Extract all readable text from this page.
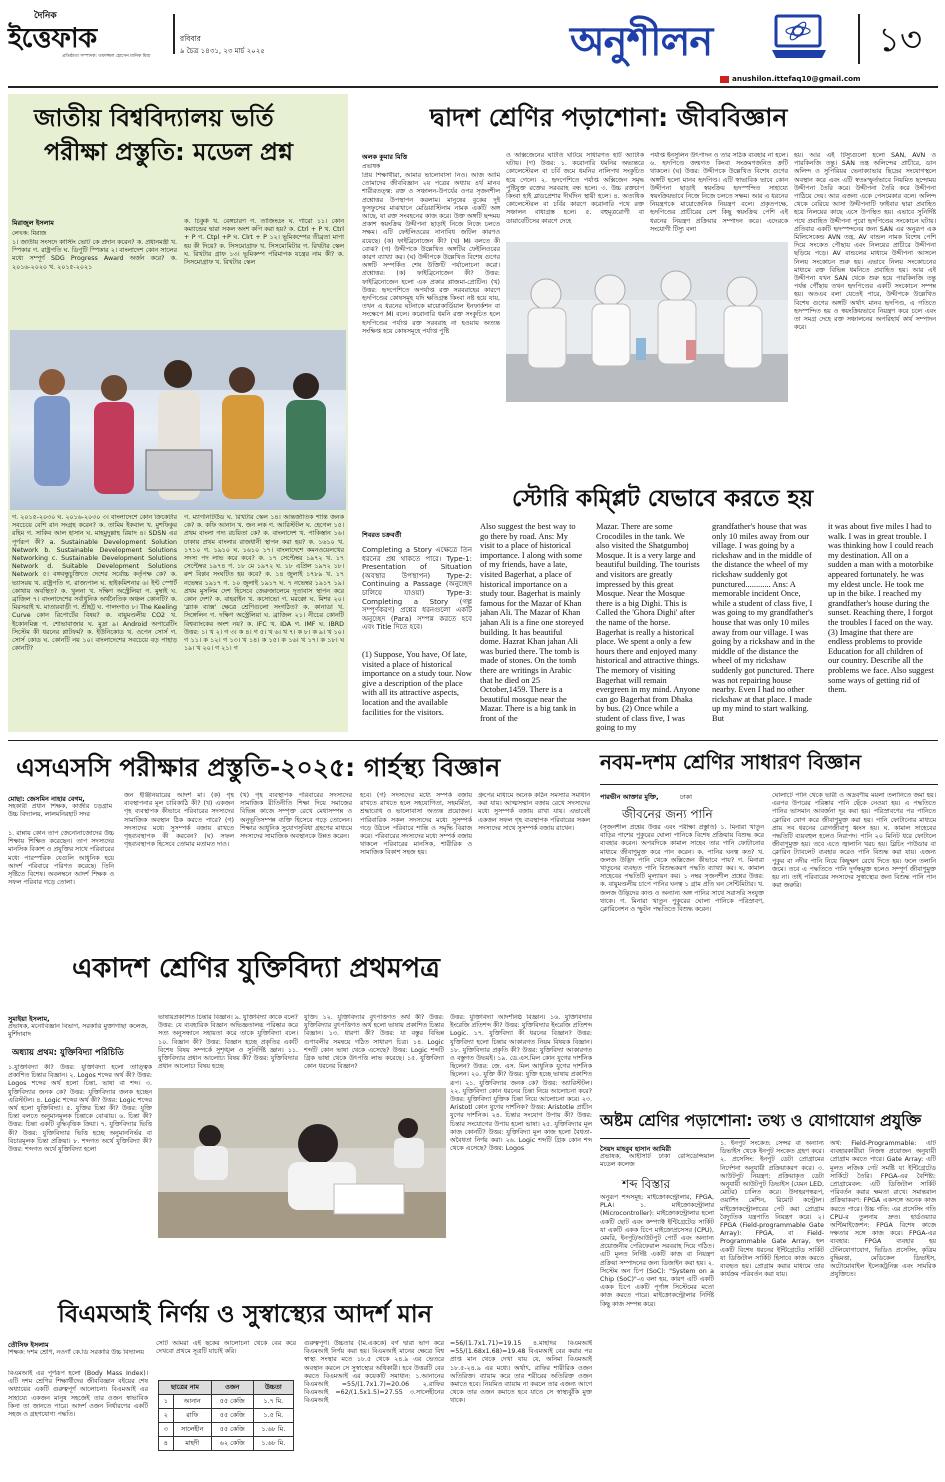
দৈনিক
ইত্তেফাক
প্রতিষ্ঠাতা সম্পাদক: তফাজ্জল হোসেন মানিক মিয়া
রবিবার
৯ চৈত্র ১৪৩১, ২৩ মার্চ ২০২৫	অনুশীলন	১৩
anushilon.ittefaq10@gmail.com
জাতীয় বিশ্ববিদ্যালয় ভর্তি
পরীক্ষা প্রস্তুতি: মডেল প্রশ্ন
মিরাজুল ইসলাম
লেখক: মিরাজ
১। জাতীয় সংসদে কাস্টিং ভোট কে প্রদান করেন? ক. প্রধানমন্ত্রী খ. স্পিকার গ. রাষ্ট্রপতি ঘ. ডিপুটি স্পিকার ২। বাংলাদেশ কোন সালের মধ্যে সম্পূর্ণ SDG Progress Award অর্জন করে? ক. ২০১৬-২০২০ খ. ২০১৫-২০২১
ক. চিকুর্ক খ. বেঙ্গচারণ গ. তাজিংডং ঘ. গারো ১১। কোন কম্যান্ডের দ্বারা সকল অংশ কপি করা হয়? ক. Ctrl + P খ. Ctrl + P গ. Ctpl +P ঘ. Clrt + P ১২। ভূমিকম্পের তীব্রতা মাপা হয় কী দিয়ে? ক. সিসমোগ্রাফ খ. সিসমোমিটার গ. রিখটার স্কেল ঘ. রিখটার গ্রাফ ১৩। ভূমিকম্প পরিমাপক যন্ত্রের নাম কী? ক. সিসমোগ্রাফ খ. রিখটার স্কেল
গ. ২০১৫-২০৩০ ঘ. ২০১৬-২০৩০ ৩। বাংলাদেশে কোন ক্রিকেটার সবচেয়ে বেশি রান সংগ্রহ করেন? ক. তামিম ইকবাল খ. মুশফিকুর রহিম গ. সাকিব আল হাসান ঘ. মাহমুদুল্লাহ রিয়াদ ৪। SDSN এর পূর্ণরূপ কী? a. Sustainable Development Solution Network b. Sustainable Development Solutions Networking c. Sustainable Development Solutions Network d. Suitable Development Solutions Network ৫। বঙ্গবন্ধুচুক্তিতে দেশের সর্বোচ্চ কর্তৃপক্ষ কে? ক. ভ্যাসরয় খ. রাষ্ট্রপতি গ. রাজ্যপাল ঘ. হাইকমিশনার ৬। ইন্ট স্পোর্ট কোথায় অবস্থিত? ক. খুলনা খ. দক্ষিণ অস্ট্রেলিয়া গ. মুম্বাই ঘ. ব্রাজিল ৭। বাংলাদেশের সর্বাধুনিক অর্থনৈতিক অঞ্চল কোনটি? ক. মিরসরাই খ. মাতারবাড়ী গ. শ্রীহট্ট ঘ. পালংগাও ৮। The Keeling Curve কোন রিপোর্টের বিষয়? ক. বায়ুমণ্ডলীয় CO2 খ. ইকোনমিক্স গ. শোভাবাজার ঘ. মুদ্রা ৯। Android অপারেটিং সিস্টেম কী ধরনের প্লাটফর্ম? ক. ইউনিকোড খ. ওপেন সোর্স গ. সোর্স কোড ঘ. কোনটি নয় ১০। বাংলাদেশের সবচেয়ে বড় পাহাড় কোনটি?
গ. ম্যাগনিটিউড ঘ. রিখটার স্কেল ১৪। আন্তর্জাতিক শান্তি জনক কে? ক. কফি আনান খ. জন লক গ. আরিস্টটল ঘ. হেগেল ১৫। প্রথম বাংলা গদ্য রচয়িতা কে? ক. বাংলাদেশ খ. পাকিস্তান ১৬। ঢাকায় প্রথম বাংলার রাজধানী স্থাপন করা হয়? ক. ১৬১০ খ. ১৭১০ গ. ১৯১০ ঘ. ১৬১০ ১৭। বাংলাদেশে কমনওয়েলথের সদস্য পদ লাভ করে কবে? ক. ১৭ সেপ্টেম্বর ১৯৭২ খ. ১৭ সেপ্টেম্বর ১৯৭৪ গ. ১৮ মে ১৯৭২ ঘ. ১৮ এপ্রিল ১৯৭২ ১৮। রুশ বিপ্লব সংঘটিত হয় কবে? ক. ১৪ জুলাই ১৭৮৯ খ. ১৭ নভেম্বর ১৯১৭ গ. ১০ জুলাই ১৯১৭ ঘ. ৭ নভেম্বর ১৯১৭ ১৯। প্রথম মুসলিম দেশ হিসেবে জেরুজালেমে দূতাবাস স্থাপন করে কোন দেশ? ক. বাহরাইন খ. কসোভো গ. মরক্কো ঘ. মিশর ২০। 'ব্ল্যাক ব্যাক্স' ক্ষেত্রে শ্রেণিগুলো সংগঠিত? ক. কানাডা খ. সিঙ্গেলিন গ. দক্ষিণ অস্ট্রেলিয়া ঘ. ব্রাজিল ২১। নীচের কোনটি বিশ্বব্যাংকের অংশ নয়? ক. IFC খ. IDA গ. IMF ঘ. IBRD উত্তর: ১। খ ২। গ ৩। ক ৪। গ ৫। খ ৬। খ ৭। ক ৮। ক ৯। খ ১০। গ ১১। ক ১২। গ ১৩। খ ১৪। ক ১৫। ক ১৬। খ ১৭। ক ১৮। ঘ ১৯। খ ২০। গ ২১। গ
দ্বাদশ শ্রেণির পড়াশোনা: জীববিজ্ঞান
অলক কুমার মিত্তি
প্রভাষক
প্রিয় শিক্ষার্থীরা, আমার ভালোবাসা নিও। আজ আমি তোমাদের জীববিজ্ঞান ২য় পত্রের অধ্যায় ৪র্থ মানব শারীরতত্ত্ব: রক্ত ও সঞ্চালন-উপর্যের ওপর সৃজনশীল প্রশ্নোত্তর উপস্থাপন করলাম। মানুষের বুকের দুই ফুসফুসের মাঝখানে মেডিয়াস্টিনাম নামক একটি অঙ্গ আছে, যা রক্ত সংবহনের কাজ করে। উক্ত অঙ্গটি ছন্দময় প্রকাশ স্বয়ংক্রিয় উদ্দীপনা ছাড়াই নিজে নিজে চলতে সক্ষম। এটি ফেইলিওরের নানাবিধ জটিল কারণও রয়েছে। (ক) ফাইব্রিনোজেন কী? (খ) MI বলতে কী বোঝ? (গ) উদ্দীপকে উল্লেখিত অঙ্গটির ফেইলিওরের কারণ ব্যাখ্যা কর। (ঘ) উদ্দীপকে উল্লেখিত বিশেষ গুণের অঙ্গটি সম্পর্কিত শেষ উক্তিটি পর্যালোচনা করো। প্রশ্নোত্তর: (ক) ফাইব্রিনোজেন কী? উত্তর: ফাইব্রিনোজেন হলো এক প্রকার প্লাজমা-প্রোটিন। (খ) উত্তর: হৃদপেশিতে অপর্যাপ্ত রক্ত সরবরাহের কারণে হৃদপিণ্ডের কোষসমূহ যদি ক্ষতিগ্রস্ত কিংবা নষ্ট হয়ে যায়, তখন এ ধরনের ঘটনাকে মায়োকার্ডিয়াল ইনফার্কশন বা সংক্ষেপে MI বলে। করোনারি ধমনি রক্ত সংকুচিত হলে হৃদপিণ্ডের পর্যাপ্ত রক্ত সরবরাহ না হওয়ায় অত্যন্ত সংক্ষিপ্ত হয়ে কোষসমূহে পর্যাপ্ত পুষ্টি
ও অক্সিজেনের ঘাটতি ঘটিয়ে সাধারণত হার্ট অ্যাটাক ঘটায়। (গ) উত্তর: ১. করোনারি ধমনির অভ্যন্তরে কোলেস্টেরল বা চর্বি জমে ধমনির নালিপথ সংকুচিত হয়ে গেলে। ২. হৃদপেশিতে পর্যাপ্ত অক্সিজেন সমৃদ্ধ পুষ্টিযুক্ত রক্তের সরবরাহ বন্ধ হলে। ৩. উচ্চ রক্তচাপ কিংবা হাই ব্লাডপ্রেশার দীর্ঘদিন স্থায়ী হলে। ৪. অত্যধিক কোলেস্টেরল বা চর্বির কারণে করোনারি পথে রক্ত সঞ্চালন বাধাগ্রস্ত হলে। ৫. বহুমূত্ররোগী বা ডায়াবেটিসের কারণে দেহে
পর্যাপ্ত ইনসুলিন উৎপাদন ও তার সঠিক ব্যবহার না হলে। ৬. হৃদপিণ্ডে জন্মগত কিংবা সংক্রমণজনিত ক্রটি থাকলে। (ঘ) উত্তর: উদ্দীপকে উল্লেখিত বিশেষ গুণের অঙ্গটি হলো মানব হৃদপিণ্ড। এটি স্বাভাবিক ভাবে কোন উদ্দীপনা ছাড়াই স্বয়ংক্রিয় হৃদস্পন্দিত সাহায্যে স্বয়ংক্রিয়ভাবে নিজে নিজে চলতে সক্ষম। আর এ ধরনের নিয়ন্ত্রণকে মায়োজেনিক নিয়ন্ত্রণ বলে। প্রকৃতপক্ষে, হৃদপিণ্ডের প্রাচীরের বেশ কিছু স্বয়ংক্রিয় পেশি এই ধরনের নিয়ন্ত্রণ প্রক্রিয়ার সম্পাদন করে। এদেরকে সংযোগী টিস্যু বলা
হয়। আর এই টিস্যুগুলো হলো SAN, AVN ও পারকিনজি তন্তু। SAN তন্ত্র অলিন্দের প্রাচীরে, ডান অলিন্দ ও সুপিরিয়র ভেনাক্যাভার ছিদ্রের সংযোগস্থলে অবস্থান করে এবং এটি স্বতঃস্ফূর্তভাবে নিয়মিত ছন্দোময় উদ্দীপনা তৈরি করে। উদ্দীপনা তৈরি করে উদ্দীপনা পাঠিয়ে দেয়। আর এজন্য একে পেসমেকার বলে। অলিন্দ থেকে বেরিয়ে আসা উদ্দীপনাটি ফাইবার দ্বারা প্রবাহিত হয়ে নিলয়ের কাছে এসে উপস্থিত হয়। এভাবে সুনির্দিষ্ট পথে প্রবাহিত উদ্দীপনা পুরো হৃদপিণ্ডের সংকোচন ঘটায়। প্রতিবার একটি হৃদস্পন্দনের জন্য SAN এর অনুরূপ এক মিলিসেকেন্ড AVN তন্ত্র, AV বান্ডল নামক বিশেষ পেশি দিয়ে সংকেত পৌছায় এবং নিলয়ের প্রাচীরে উদ্দীপনা ছড়িয়ে পড়ে। AV বান্ডলের মাধ্যমে উদ্দীপনা আসলে নিলয় সংকোচন শুরু হয়। এভাবে নিলয় সংকোচনের মাধ্যমে রক্ত বিভিন্ন ধমনিতে প্রবাহিত হয়। আর এই উদ্দীপনা যখন SAN থেকে শুরু হয়ে পারকিনজি তন্তু পর্যন্ত পৌঁছায় তখন হৃদপিণ্ডের একটি সংকোচন সম্পন্ন হয়। অতএব বলা যেতেই পারে, উদ্দীপকে উল্লেখিত বিশেষ গুণের অঙ্গটি অর্থাৎ মানব হৃদপিণ্ড, এ গতিতে হৃদস্পন্দিত হয় ও স্বয়ংক্রিয়ভাবে নিয়ন্ত্রণ করে চলে এবং তা সমগ্র দেহে রক্ত সঞ্চালনের অপরিহার্য কার্য সম্পাদন করে।
স্টোরি কম্প্লিট যেভাবে করতে হয়
শিবরত চক্রবর্তী
Completing a Story এক্ষেত্রে তিন ধরনের প্রশ্ন থাকতে পারে। Type-1: Presentation of Situation (অবস্থার উপস্থাপন) Type-2: Continuing a Passage (অনুচ্ছেদ চালিয়ে যাওয়া) Type-3: Completing a Story (গল্প সম্পূর্ণকরণ) প্রশ্নের ধরনগুলো একটি অনুচ্ছেদ (Para) সম্পন্ন করতে হবে এবং Title দিতে হবে।
(1) Suppose, You have, Of late, visited a place of historical importance on a study tour. Now give a description of the place with all its attractive aspects, location and the available facilities for the visitors.
Also suggest the best way to go there by road. Ans: My visit to a place of historical importance. I along with some of my friends, have a late, visited Bagerhat, a place of historical importance on a study tour. Bagerhat is mainly famous for the Mazar of Khan jahan Ali. The Mazar of Khan jahan Ali is a fine one storeyed building. It has beautiful dome. Hazrat Khan jahan Ali was buried there. The tomb is made of stones. On the tomb there are writings in Arabic that he died on 25 October,1459. There is a beautiful mosque near the Mazar. There is a big tank in front of the
Mazar. There are some Crocodiles in the tank. We also visited the Shatgumboj Mosque. It is a very large and beautiful building. The tourists and visitors are greatly impressed by this great Mosque. Near the Mosque there is a big Dighi. This is Called the 'Ghora Dighi' after the name of the horse. Bagerhat is really a historical place. We spent a only a few hours there and enjoyed many historical and attractive things. The memory of visiting Bagerhat will remain evergreen in my mind. Anyone can go Bagerhat from Dhaka by bus. (2) Once while a student of class five, I was going to my
grandfather's house that was only 10 miles away from our village. I was going by a rickshaw and in the middle of the distance the wheel of my rickshaw suddenly got punctured............ Ans: A memorable incident Once, while a student of class five, I was going to my grandfather's house that was only 10 miles away from our village. I was going by a rickshaw and in the middle of the distance the wheel of my rickshaw suddenly got punctured. There was not repairing house nearby. Even I had no other rickshaw at that place. I made up my mind to start walking. But
it was about five miles I had to walk. I was in great trouble. I was thinking how I could reach my destination. All on a sudden a man with a motorbike appeared fortunately. he was my eldest uncle. He took me up in the bike. I reached my grandfather's house during the sunset. Reaching there, I forgot the troubles I faced on the way. (3) Imagine that there are endless problems to provide Education for all children of our country. Describe all the problems we face. Also suggest some ways of getting rid of them.
এসএসসি পরীক্ষার প্রস্তুতি-২০২৫: গার্হস্থ্য বিজ্ঞান
মোছা: জেসমিন নাহার বেগম,
সহকারী প্রধান শিক্ষক, কাজীর চড়গ্রাম উচ্চ বিদ্যালয়, লালমনিরহাট সদর
১. রান্নায় কোন তাপ জেনোনাজোদের উচ্চ শিক্ষায় শিক্ষিত করেছেন। তাপ সদস্যদের মানসিক বিকাশ ও প্রযুক্তির সাথে পরিবারের মধ্যে পারস্পরিক যেগুলি আধুনিক হয়ে আদর্শ পরিবারে পরিণত করেছে। তিনি সৃষ্টিতে বিশেষ। অবলম্বনে আদর্শ শিক্ষক ও সফল পরিবার গড়ে তোলা।
জন ইঞ্জিনিয়ারের আদর্শ মা। (ক) গৃহ ব্যবস্থাপনার মূল চাবিকাঠি কী? (খ) একজন গৃহ ব্যবস্থাপক কীভাবে পরিবারের সদস্যদের সামাজিক অবস্থান ঠিক করতে পারে? (গ) সদস্যদের মধ্যে সুসম্পর্ক বজায় রাখতে গৃহব্যবস্থাপক কী করবেন? (ঘ) সফল গৃহব্যবস্থাপক হিসেবে তোমার মতামত দাও।
(খ) গৃহ ব্যবস্থাপক পরিবারের সদস্যদের সামাজিক রীতিনীতি শিক্ষা দিয়ে সমাজের বিভিন্ন কাজে সম্পৃক্ত রেখে মেধাসম্পন্ন ও অনুভূতিসম্পন্ন ব্যক্তি হিসেবে গড়ে তোলেন। শিক্ষার আধুনিক সুযোগসুবিধা গ্রহণের মাধ্যমে সদস্যদের সামাজিক অবস্থানকে উন্নত করেন।
হবে। (গ) সদস্যদের মধ্যে সম্পর্ক বজায় রাখতে রাখতে হলে সহযোগিতা, সহমর্মিতা, শ্রদ্ধাবোধ ও ভালোবাসা অত্যন্ত প্রয়োজন। পারিবারিক সকল সদস্যদের মধ্যে সুসম্পর্ক গড়ে উঠলে পরিবারে শান্তি ও সমৃদ্ধি বিরাজ করে। পরিবারের সদস্যদের মধ্যে সম্পর্ক বজায় থাকলে পরিবারের মানসিক, শারীরিক ও সামাজিক বিকাশ সহজ হয়।
গ্রুপের মাধ্যমে অনেক কঠিন সমস্যার সমাধান করা যায়। আত্মসম্মান বজায় রেখে সদস্যদের মধ্যে সুসম্পর্ক বজায় রাখা যায়। এভাবেই একজন সফল গৃহ ব্যবস্থাপক পরিবারের সকল সদস্যদের সাথে সুসম্পর্ক বজায় রাখেন।
নবম-দশম শ্রেণির সাধারণ বিজ্ঞান
পারভীন আক্তার মুক্তি,	ঢাকা
জীবনের জন্য পানি
(সৃজনশীল প্রশ্নের উত্তর এবং পরীক্ষা প্রস্তুতি) ১. মিনারা খাতুন বাড়ির পাশের পুকুরের ঘোলা পানিকে বিশেষ প্রক্রিয়ায় বিশুদ্ধ করে ব্যবহার করেন। অপরদিকে কামাল সাহেব তার পানি ফোটানোর মাধ্যমে জীবাণুমুক্ত করে পান করেন। ক. পানির ঘনত্ব কত? খ. জলজ উদ্ভিদ পানি থেকে অক্সিজেন কীভাবে পায়? গ. মিনারা খাতুনের ব্যবহৃত পানি বিশুদ্ধকরণ পদ্ধতি ব্যাখ্যা কর। ঘ. কামাল সাহেবের পদ্ধতিটি মূল্যায়ন কর। ১ নম্বর সৃজনশীল প্রশ্নের উত্তর: ক. বায়ুমণ্ডলীয় চাপে পানির ঘনত্ব ১ গ্রাম প্রতি ঘন সেন্টিমিটার। খ. জলজ উদ্ভিদের কাণ্ড ও অন্যান্য অঙ্গ পানির সাথে সরাসরি সংযুক্ত থাকে। গ. মিনারা খাতুন পুকুরের ঘোলা পানিকে পরিস্রাবণ, ক্লোরিনেশন ও স্ফুটন পদ্ধতিতে বিশুদ্ধ করেন।
ঘোলাটে পানি থেকে ভারী ও অদ্রবণীয় ময়লা তলানিতে জমা হয়। এরপর উপরের পরিষ্কার পানি ছেঁকে নেওয়া হয়। এ পদ্ধতিতে পানির ভাসমান আবর্জনা দূর করা হয়। পরিস্রাবণের পর পানিতে ক্লোরিন যোগ করে জীবাণুমুক্ত করা হয়। পানি ফোটানোর মাধ্যমে প্রায় সব ধরনের রোগজীবাণু ধ্বংস হয়। ঘ. কামাল সাহেবের পদ্ধতিটি ব্যয়বহুল হলেও নিরাপদ। পানি ২০ মিনিট ধরে ফোটালে জীবাণুমুক্ত হয়। তবে এতে জ্বালানি খরচ হয়। ব্লিচিং পাউডার বা ক্লোরিন ট্যাবলেট ব্যবহার করেও পানি বিশুদ্ধ করা যায়। এজন্য পুকুর বা নদীর পানি নিয়ে কিছুক্ষণ রেখে দিতে হয়। ফলে তলানি জমে। তবে এ পদ্ধতিতে পানি দুর্গন্ধমুক্ত হলেও সম্পূর্ণ জীবাণুমুক্ত হয় না। তাই পরিবারের সদস্যদের সুস্বাস্থ্যের জন্য বিশুদ্ধ পানি পান করা জরুরি।
একাদশ শ্রেণির যুক্তিবিদ্যা প্রথমপত্র
সুমাইয়া ইসলাম,
প্রভাষক, মনোবিজ্ঞান বিভাগ, সরকারি মুক্তাগাছা কলেজ, মুর্শিদাবাদ
অধ্যায় প্রথম: যুক্তিবিদ্যা পরিচিতি
১.যুক্তিবিদ্যা কী? উত্তর: যুক্তিবিদ্যা হলো তাত্ত্বিক প্রকাশিত চিন্তার বিজ্ঞান। ২. Logos শব্দের অর্থ কী? উত্তর: Logos শব্দের অর্থ হলো চিন্তা, ভাষা বা শব্দ। ৩. যুক্তিবিদ্যার জনক কে? উত্তর: যুক্তিবিদ্যার জনক হচ্ছেন এরিস্টটল। ৪. Logic শব্দের অর্থ কী? উত্তর: Logic শব্দের অর্থ হলো যুক্তিবিদ্যা। ৫. যুক্তির চিন্তা কী? উত্তর: যুক্তি চিন্তা বলতে অনুমানমূলক চিন্তাকে বোঝায়। ৬. চিন্তা কী? উত্তর: চিন্তা একটি বুদ্ধিবৃত্তিক ক্রিয়া। ৭. যুক্তিবিদ্যার ভিত্তি কী? উত্তর: যুক্তিবিদ্যার ভিত্তি হচ্ছে অনুমাননির্ভর বা বিচারমূলক চিন্তা প্রক্রিয়া। ৮. শব্দগত অর্থে যুক্তিবিদ্যা কী? উত্তর: শব্দগত অর্থে যুক্তিবিদ্যা হলো
ভাষায়প্রকাশিত চিন্তার বিজ্ঞান। ৯. যুক্তিবিদ্যা কাকে বলে? উত্তর: যে ব্যবহারিক বিজ্ঞান অভিজ্ঞতালব্ধ পরিষ্কার করে সত্য অনুসন্ধানে সহায়তা করে তাকে যুক্তিবিদ্যা বলে। ১০. বিজ্ঞান কী? উত্তর: বিজ্ঞান হচ্ছে প্রকৃতির একটি বিশেষ বিষয় সম্পর্কে সুশৃঙ্খল ও সুনির্দিষ্ট জ্ঞান। ১১. যুক্তিবিদ্যার প্রধান আলোচ্য বিষয় কী? উত্তর: যুক্তিবিদ্যার প্রধান আলোচ্য বিষয় হচ্ছে
যুক্তি। ১২. যুক্তিবিদ্যার বুৎপত্তিগত অর্থ কী? উত্তর: যুক্তিবিদ্যার বুৎপত্তিগত অর্থ হলো ভাষায় প্রকাশিত চিন্তার বিজ্ঞান। ১৩. ধারণা কী? উত্তর: যা বস্তুর বিভিন্ন গুণাবলীর সমন্বয়ে গঠিত সাধারণ চিত্র। ১৪. Logic শব্দটি কোন ভাষা থেকে এসেছে? উত্তর: Logic শব্দটি গ্রিক ভাষা থেকে উৎপত্তি লাভ করেছে। ১৫. যুক্তিবিদ্যা কোন ধরনের বিজ্ঞান?
উত্তর: যুক্তিবিদ্যা আদর্শনিষ্ঠ বিজ্ঞান। ১৬. যুক্তিবিদ্যার ইংরেজি প্রতিশব্দ কী? উত্তর: যুক্তিবিদ্যার ইংরেজি প্রতিশব্দ Logic. ১৭. যুক্তিবিদ্যা কী ধরনের বিজ্ঞান? উত্তর: যুক্তিবিদ্যা হলো চিন্তার আকারগত নিয়ম বিষয়ক বিজ্ঞান। ১৮. যুক্তিবিদ্যার প্রকৃতি কী? উত্তর: যুক্তিবিদ্যা আকারগত ও বস্তুগত উভয়ই। ১৯. ডে.এস.মিল কোন যুগের দার্শনিক ছিলেন? উত্তর: জে. এস. মিল আধুনিক যুগের দার্শনিক ছিলেন। ২০. যুক্তি কী? উত্তর: যুক্তি হচ্ছে ভাষায় প্রকাশিত রূপ। ২১. যুক্তিবিদ্যার জনক কে? উত্তর: অ্যারিস্টটল। ২২. যুক্তিবিদ্যা কোন ধরনের চিন্তা নিয়ে আলোচনা করে? উত্তর: যুক্তিবিদ্যা যুক্তিক চিন্তা নিয়ে আলোচনা করে। ২৩. Aristotl কোন যুগের দার্শনিক? উত্তর: Aristotle প্রাচীন যুগের দার্শনিক। ২৪. চিন্তার সংযোগ উপায় কী? উত্তর: চিন্তার সংযোগের উপায় হলো ভাষা। ২৫. যুক্তিবিদ্যার মূল কাজ কোনটি? উত্তর: যুক্তিবিদ্যা মূল কাজ হলো বৈধতা-অবৈধতা নির্ণয় করা। ২৬. Logic শব্দটি গ্রিক কোন শব্দ থেকে এসেছে? উত্তর: Logos
অষ্টম শ্রেণির পড়াশোনা: তথ্য ও যোগাযোগ প্রযুক্তি
সৈয়দ মাহবুব হাসান আমিরী
প্রভাষক, আইসিটি ঢাকা রেসিডেন্সিয়াল মডেল কলেজ
শব্দ বিস্তার
অনুরূপ শব্দসমূহ: মাইক্রোকন্ট্রোলার, FPGA, PLA। ১. মাইক্রোকন্ট্রোলার (Microcontroller): মাইক্রোকন্ট্রোলার হলো একটি ছোট এবং কম্প্যাক্ট ইন্টিগ্রেটেড সার্কিট যা একটি একক চিপে মাইক্রোপ্রসেসর (CPU), মেমরি, ইনপুট/আউটপুট পোর্ট এবং অন্যান্য প্রয়োজনীয় পেরিফেরাল সরবরাহ দিয়ে গঠিত। এটি মূলত নির্দিষ্ট একটি কাজ বা নিয়ন্ত্রণ প্রক্রিয়া সম্পাদনের জন্য ডিজাইন করা হয়। ২. সিস্টেম অন চিপ (SoC): "System on a Chip (SoC)"-এ বলা হয়, কারণ এটি একটি একক চিপে একটি পূর্ণাঙ্গ সিস্টেমের মতো কাজ করতে পারে। মাইক্রোকন্ট্রোলার নির্দিষ্ট কিছু কাজ সম্পন্ন করে।
১. ইনপুট সংকেত: সেন্সর বা অন্যান্য ডিভাইস থেকে ইনপুট সংকেত গ্রহণ করে। ২. প্রসেসিং: ইনপুট ডেটা প্রোগ্রামের নির্দেশনা অনুযায়ী প্রক্রিয়াকরণ করে। ৩. আউটপুট নিয়ন্ত্রণ: প্রক্রিয়াকৃত ডেটা অনুযায়ী আউটপুট ডিভাইস (যেমন LED, মোটর) চালিত করে। উদাহরণস্বরূপ, ওয়াশিং মেশিন, রিমোট কন্ট্রোল। মাইক্রোকন্ট্রোলারের পেট করা প্রোগ্রাম বৈদ্যুতিক যন্ত্রপাতি নিয়ন্ত্রণ করে। ২। FPGA (Field-programmable Gate Array): FPGA, বা Field-Programmable Gate Array, হল একটি বিশেষ ধরনের ইন্টিগ্রেটেড সার্কিট যা ডিজিটাল সার্কিট হিসাবে কাজ করতে ব্যবহৃত হয়। প্রোগ্রাম করার মাধ্যমে তার কার্যক্রম পরিবর্তন করা যায়।
অর্থ: Field-Programmable: এটি ব্যবহারকারীরা নিজস্ব প্রয়োজন অনুযায়ী প্রোগ্রাম করতে পারে। Gate Array: এটি মূলত লজিক গেট সমষ্টি যা ইন্টিগ্রেটেড সার্কিটে তৈরি। FPGA-এর বৈশিষ্ট্য: প্রোগ্রামেবল: এটি ডিজিটাল সার্কিট পরিবর্তন করার ক্ষমতা রাখে। সমান্তরাল প্রক্রিয়াকরণ: FPGA একসঙ্গে অনেক কাজ করতে পারে। উচ্চ গতি: এর প্রসেসিং গতি CPU-র তুলনায় দ্রুত। হার্ডওয়্যার অপ্টিমাইজেশন: FPGA বিশেষ কাজে দক্ষতার সঙ্গে কাজ করে। FPGA-এর ব্যবহার: FPGA ব্যবহার হয় টেলিযোগাযোগ, ভিডিও প্রসেসিং, কৃত্রিম বুদ্ধিমত্তা, মেডিকেল ডিভাইস, অটোমোবাইল ইলেকট্রনিক্স এবং সামরিক প্রযুক্তিতে।
বিএমআই নির্ণয় ও সুস্বাস্থ্যের আদর্শ মান
তৌসিফ ইসলাম
শিক্ষক: দশম শ্রেণি, নওগাঁ কে.ডি সরকারি উচ্চ বিদ্যালয়
বিএমআই এর পূর্ণরূপ হলো (Body Mass Index)। এটি দশম শ্রেণির শিক্ষার্থীদের জীববিজ্ঞান বইয়ের শেষ অধ্যায়ের একটি গুরুত্বপূর্ণ আলোচনা। বিএমআই এর সাহায্যে একজন মানুষ সহজেই তার ওজন স্বাভাবিক কিনা তা জানতে পারে। আদর্শ ওজন নির্ধারণের একটি সহজ ও গ্রহণযোগ্য পদ্ধতি।
সেটি আমরা এই ছকের আলোচনা থেকে বের করে দেখবো প্রথমে সূত্রটি যাচাই করি।
ছাত্রের নাম		ওজন	উচ্চতা
১	আনান	৫৫ কেজি	১.৭ মি.
২	রাফি	৫৫ কেজি	১.৫ মি.
৩	সালেহীন	৫৫ কেজি	১.৬৮ মি.
৪	মাহদী	৬২ কেজি	১.৬৮ মি.
গুরুত্বপূর্ণ। উচ্চতার (মি.এককে) বর্গ দ্বারা ভাগ করে বিএমআই নির্ণয় করা হয়। বিএমআই মানের ক্ষেত্রে বিশ্ব স্বাস্থ্য সংস্থার মতে ১৮.৫ থেকে ২৪.৯ এর ভেতরে অবস্থান করলে সে সুস্বাস্থ্যের অধিকারী। হবে উত্তরটি বের করতে বিএমআই এর কয়েকটি সমাধান: ১.আনানের বিএমআই =55/(1.7x1.7)=20.06 ২.রাফির বিএমআই =62/(1.5x1.5)=27.55 ৩.সালেহীনের বিএমআই
=56/(1.7x1.71)=19.15 ৪.মাহদির বিএমআই =55/(1.68x1.68)=19.48 বিএমআই বের করার পর প্রাপ্ত মান থেকে দেখা যায় যে, অনিমা বিএমআই ১৮.৫-২৪.৯ এর মধ্যে। অর্থাৎ, রাফির শারীরিক ওজন অতিরিক্ত। ব্যায়াম করে তার শরীরের অতিরিক্ত ওজন কমাতে হবে। নিয়মিত ব্যায়াম না করলে তার এজন্য আগে থেকে তার ওজন কমাতে হবে যাতে সে স্বাস্থ্যঝুঁকি মুক্ত থাকে।
